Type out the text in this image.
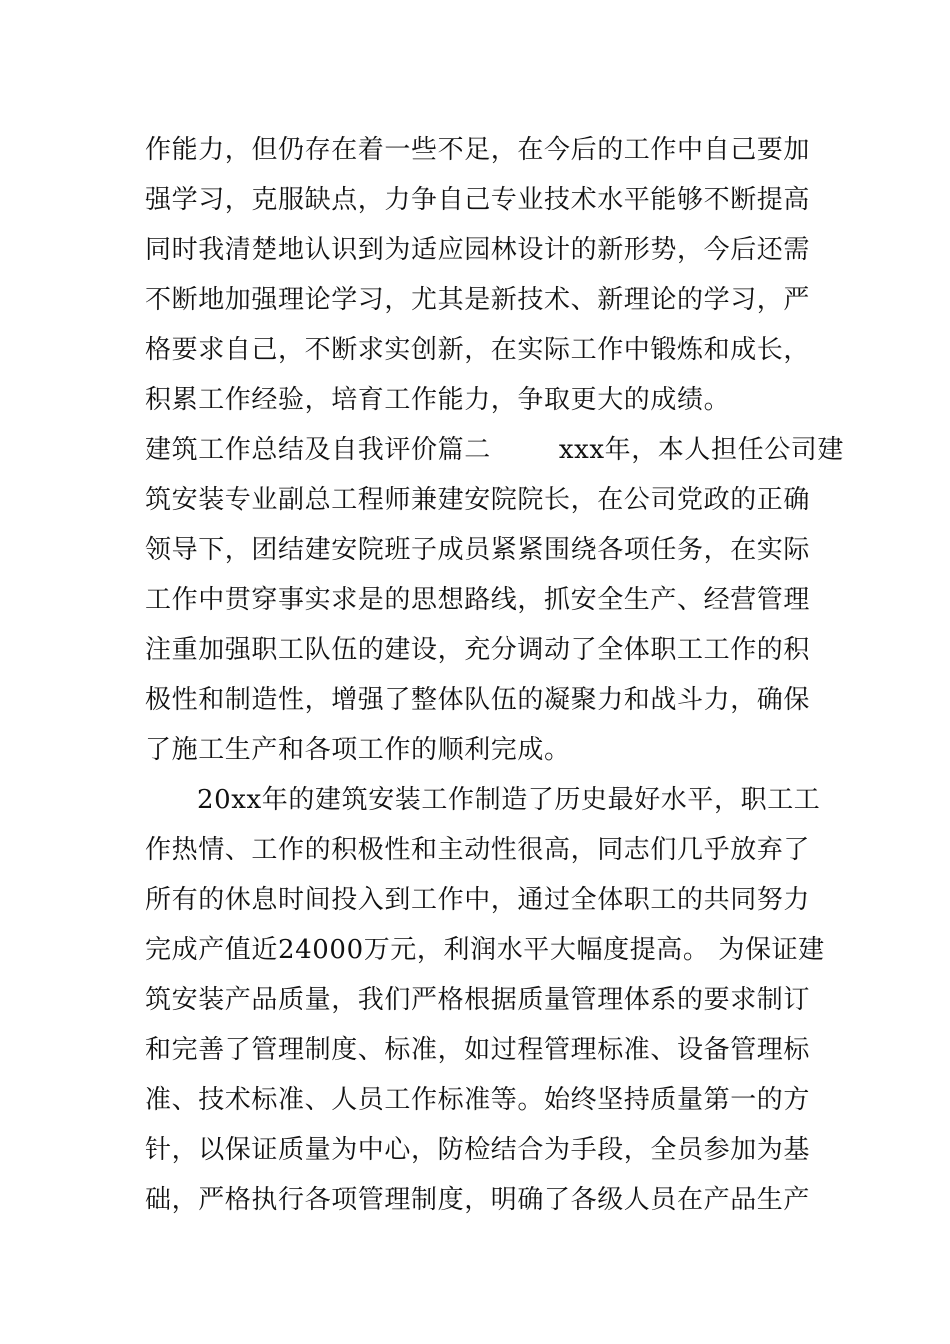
作能力，但仍存在着一些不足，在今后的工作中自己要加
强学习，克服缺点，力争自己专业技术水平能够不断提高
同时我清楚地认识到为适应园林设计的新形势，今后还需
不断地加强理论学习，尤其是新技术、新理论的学习，严
格要求自己，不断求实创新，在实际工作中锻炼和成长，
积累工作经验，培育工作能力，争取更大的成绩。
建筑工作总结及自我评价篇二	xxx年，本人担任公司建
筑安装专业副总工程师兼建安院院长，在公司党政的正确
领导下，团结建安院班子成员紧紧围绕各项任务，在实际
工作中贯穿事实求是的思想路线，抓安全生产、经营管理
注重加强职工队伍的建设，充分调动了全体职工工作的积
极性和制造性，增强了整体队伍的凝聚力和战斗力，确保
了施工生产和各项工作的顺利完成。
20xx年的建筑安装工作制造了历史最好水平，职工工
作热情、工作的积极性和主动性很高，同志们几乎放弃了
所有的休息时间投入到工作中，通过全体职工的共同努力
完成产值近24000万元，利润水平大幅度提高。 为保证建
筑安装产品质量，我们严格根据质量管理体系的要求制订
和完善了管理制度、标准，如过程管理标准、设备管理标
准、技术标准、人员工作标准等。始终坚持质量第一的方
针，以保证质量为中心，防检结合为手段，全员参加为基
础，严格执行各项管理制度，明确了各级人员在产品生产
